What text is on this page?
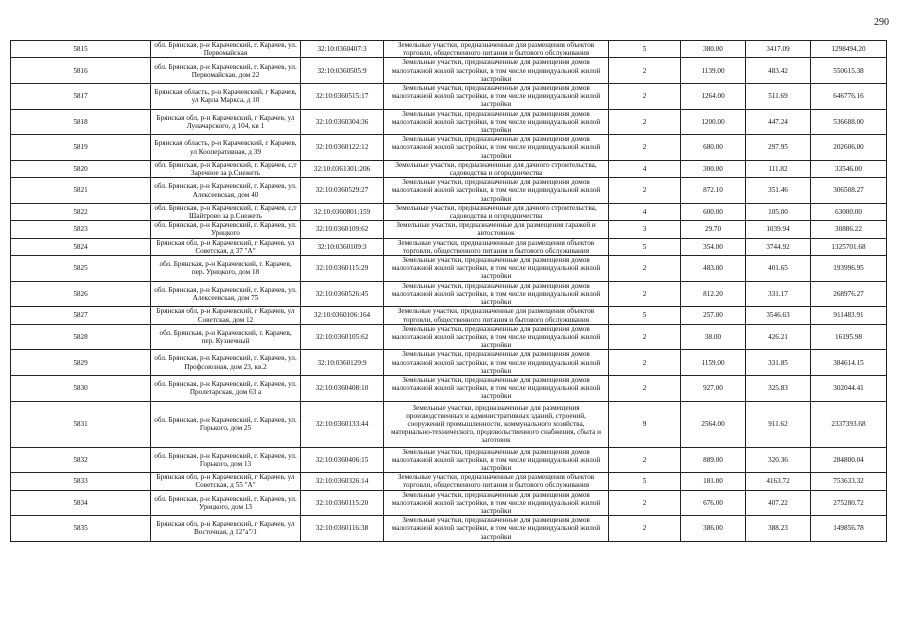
290
5815	обл. Брянская, р-н Карачевский, г. Карачев, ул. Первомайская	32:10:0360407:3	Земельные участки, предназначенные для размещения объектов торговли, общественного питания и бытового обслуживания	5	380.00	3417.09	1298494.20
5816	обл. Брянская, р-н Карачевский, г. Карачев, ул. Первомайская, дом 22	32:10:0360505:9	Земельные участки, предназначенные для размещения домов малоэтажной жилой застройки, в том числе индивидуальной жилой застройки	2	1139.00	483.42	550615.38
5817	Брянская область, р-н Карачевский, г Карачев, ул Карла Маркса, д 10	32:10:0360515:17	Земельные участки, предназначенные для размещения домов малоэтажной жилой застройки, в том числе индивидуальной жилой застройки	2	1264.00	511.69	646776.16
5818	Брянская обл, р-н Карачевский, г Карачев, ул Луначарского, д 104, кв 1	32:10:0360304:36	Земельные участки, предназначенные для размещения домов малоэтажной жилой застройки, в том числе индивидуальной жилой застройки	2	1200.00	447.24	536688.00
5819	Брянская область, р-н Карачевский, г Карачев, ул Кооперативная, д 39	32:10:0360122:12	Земельные участки, предназначенные для размещения домов малоэтажной жилой застройки, в том числе индивидуальной жилой застройки	2	680.00	297.95	202606.00
5820	обл. Брянская, р-н Карачевский, г. Карачев, с,т Заречное за р.Снежеть	32:10:0361301:206	Земельные участки, предназначенные для дачного строительства, садоводства и огородничества	4	300.00	111.82	33546.00
5821	обл. Брянская, р-н Карачевский, г. Карачев, ул. Алексеевская, дом 40	32:10:0360529:27	Земельные участки, предназначенные для размещения домов малоэтажной жилой застройки, в том числе индивидуальной жилой застройки	2	872.10	351.46	306508.27
5822	обл. Брянская, р-н Карачевский, г. Карачев, с,т Шайтрово за р.Снежеть	32:10:0360801:159	Земельные участки, предназначенные для дачного строительства, садоводства и огородничества	4	600.00	105.00	63000.00
5823	обл. Брянская, р-н Карачевский, г. Карачев, ул. Урицкого	32:10:0360109:62	Земельные участки, предназначенные для размещения гаражей и автостоянок	3	29.70	1039.94	30886.22
5824	Брянская обл, р-н Карачевский, г Карачев, ул Советская, д 37 "А"	32:10:0360109:3	Земельные участки, предназначенные для размещения объектов торговли, общественного питания и бытового обслуживания	5	354.00	3744.92	1325701.68
5825	обл. Брянская, р-н Карачевский, г. Карачев, пер. Урицкого, дом 18	32:10:0360115:29	Земельные участки, предназначенные для размещения домов малоэтажной жилой застройки, в том числе индивидуальной жилой застройки	2	483.00	401.65	193996.95
5826	обл. Брянская, р-н Карачевский, г. Карачев, ул. Алексеевская, дом 75	32:10:0360526:45	Земельные участки, предназначенные для размещения домов малоэтажной жилой застройки, в том числе индивидуальной жилой застройки	2	812.20	331.17	268976.27
5827	Брянская обл, р-н Карачевский, г Карачев, ул Советская, дом 12	32:10:0360106:164	Земельные участки, предназначенные для размещения объектов торговли, общественного питания и бытового обслуживания	5	257.00	3546.63	911483.91
5828	обл. Брянская, р-н Карачевский, г. Карачев, пер. Кузнечный	32:10:0360105:62	Земельные участки, предназначенные для размещения домов малоэтажной жилой застройки, в том числе индивидуальной жилой застройки	2	38.00	426.21	16195.98
5829	обл. Брянская, р-н Карачевский, г. Карачев, ул. Профсоюзная, дом 23, кв.2	32:10:0360129:9	Земельные участки, предназначенные для размещения домов малоэтажной жилой застройки, в том числе индивидуальной жилой застройки	2	1159.00	331.85	384614.15
5830	обл. Брянская, р-н Карачевский, г. Карачев, ул. Пролетарская, дом 63 а	32:10:0360408:10	Земельные участки, предназначенные для размещения домов малоэтажной жилой застройки, в том числе индивидуальной жилой застройки	2	927.00	325.83	302044.41
5831	обл. Брянская, р-н Карачевский, г. Карачев, ул. Горького, дом 25	32:10:0360133:44	Земельные участки, предназначенные для размещения производственных и административных зданий, строений, сооружений промышленности, коммунального хозяйства, материально-технического, продовольственного снабжения, сбыта и заготовок	9	2564.00	911.62	2337393.68
5832	обл. Брянская, р-н Карачевский, г. Карачев, ул. Горького, дом 13	32:10:0360406:15	Земельные участки, предназначенные для размещения домов малоэтажной жилой застройки, в том числе индивидуальной жилой застройки	2	889.00	320.36	284800.04
5833	Брянская обл, р-н Карачевский, г Карачев, ул Советская, д 55 "А"	32:10:0360326:14	Земельные участки, предназначенные для размещения объектов торговли, общественного питания и бытового обслуживания	5	181.00	4163.72	753633.32
5834	обл. Брянская, р-н Карачевский, г. Карачев, ул. Урицкого, дом 13	32:10:0360115:20	Земельные участки, предназначенные для размещения домов малоэтажной жилой застройки, в том числе индивидуальной жилой застройки	2	676.00	407.22	275280.72
5835	Брянская обл, р-н Карачевский, г Карачев, ул Восточная, д 12"а"/1	32:10:0360116:38	Земельные участки, предназначенные для размещения домов малоэтажной жилой застройки, в том числе индивидуальной жилой застройки	2	386.00	388.23	149856.78
